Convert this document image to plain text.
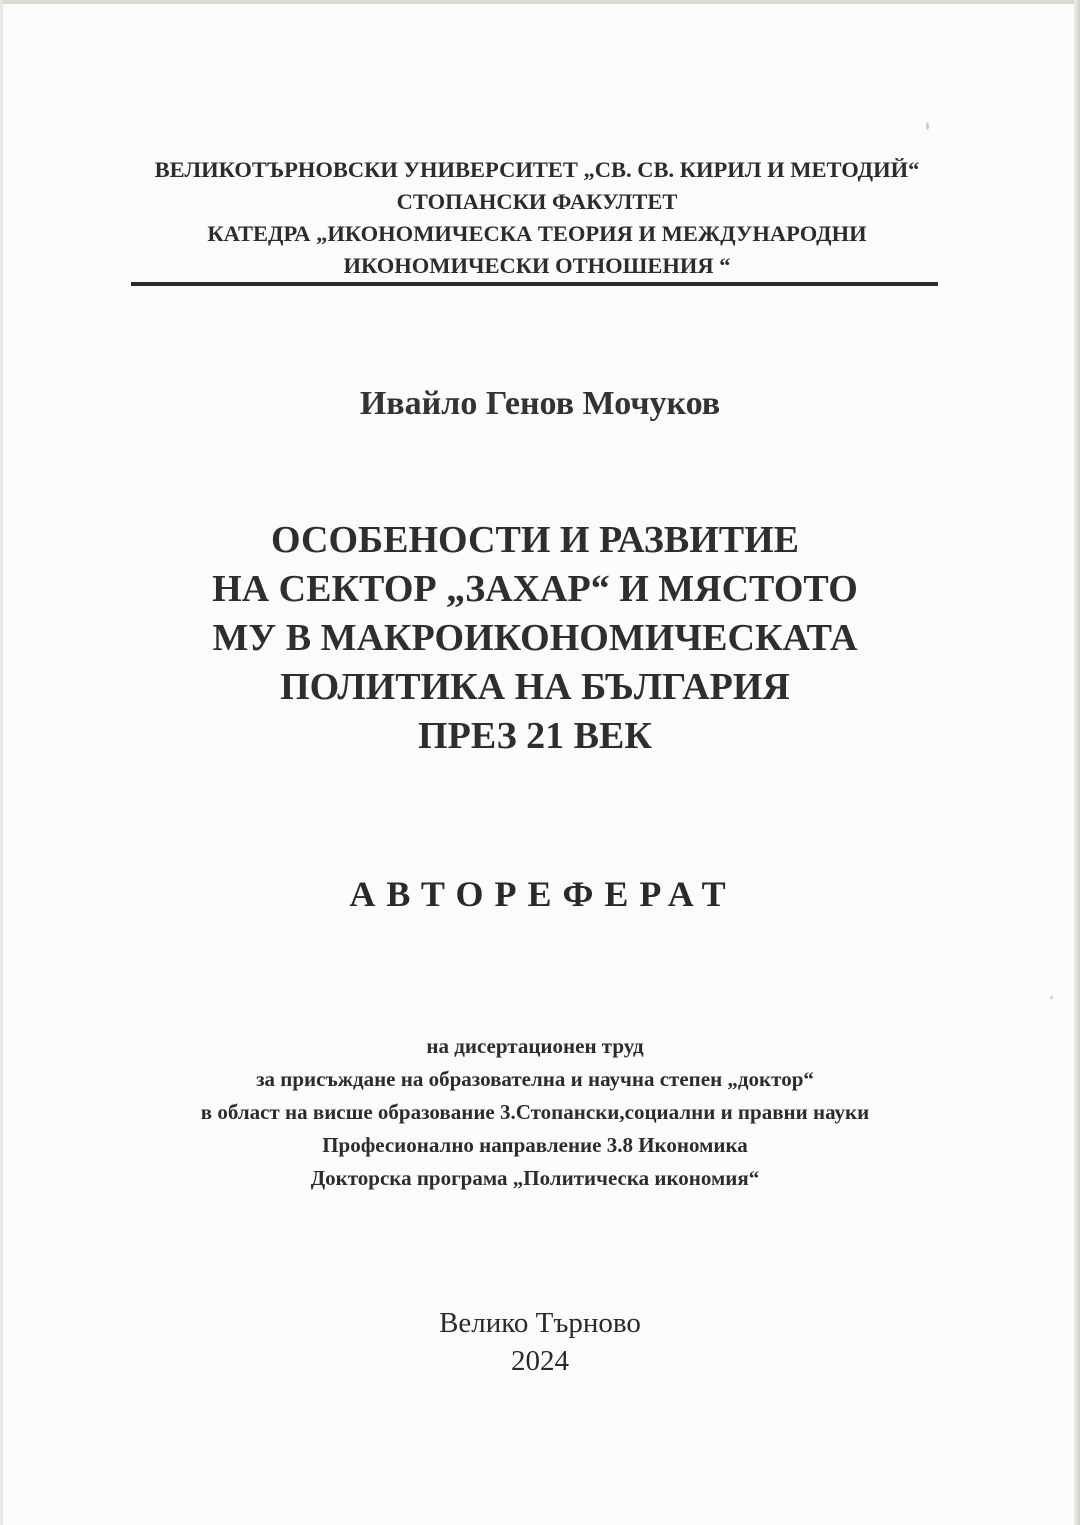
ВЕЛИКОТЪРНОВСКИ УНИВЕРСИТЕТ „СВ. СВ. КИРИЛ И МЕТОДИЙ“
СТОПАНСКИ ФАКУЛТЕТ
КАТЕДРА „ИКОНОМИЧЕСКА ТЕОРИЯ И МЕЖДУНАРОДНИ
ИКОНОМИЧЕСКИ ОТНОШЕНИЯ “
Ивайло Генов Мочуков
ОСОБЕНОСТИ И РАЗВИТИЕ
НА СЕКТОР „ЗАХАР“ И МЯСТОТО
МУ В МАКРОИКОНОМИЧЕСКАТА
ПОЛИТИКА НА БЪЛГАРИЯ
ПРЕЗ 21 ВЕК
АВТОРЕФЕРАТ
на дисертационен труд
за присъждане на образователна и научна степен „доктор“
в област на висше образование 3.Стопански,социални и правни науки
Професионално направление 3.8 Икономика
Докторска програма „Политическа икономия“
Велико Търново
2024
